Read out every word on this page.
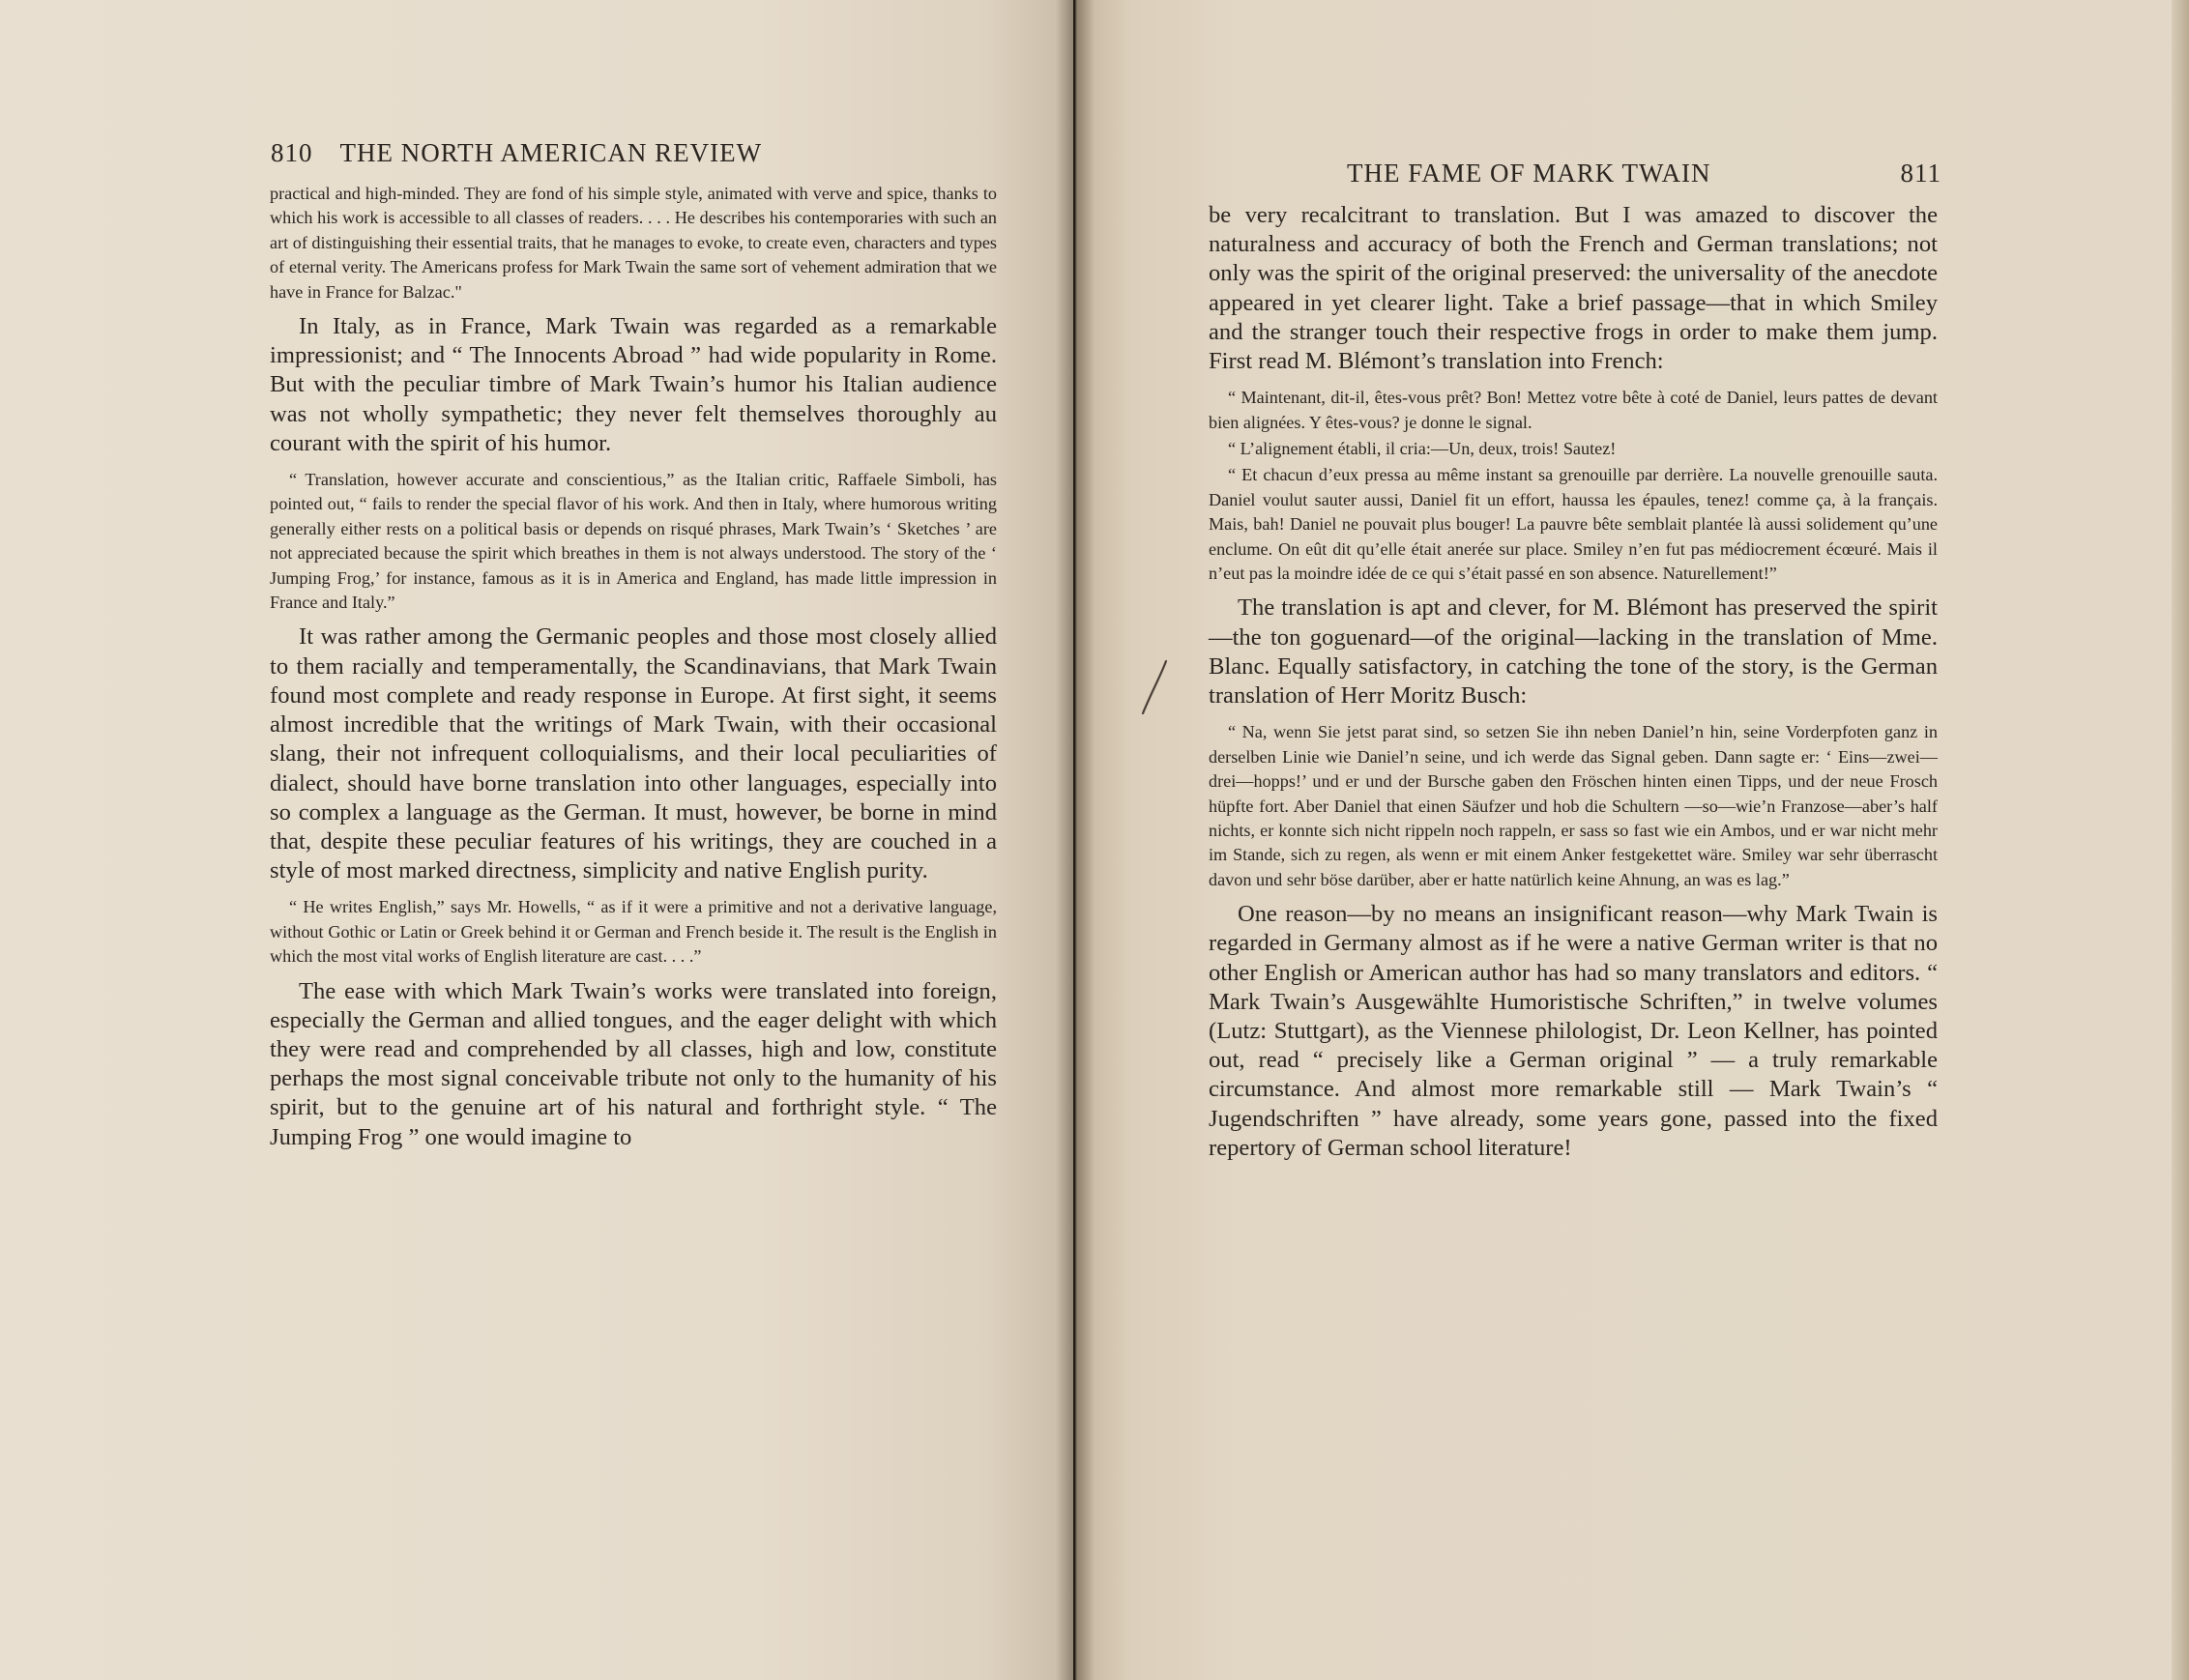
810 THE NORTH AMERICAN REVIEW

practical and high-minded. They are fond of his simple style, animated with verve and spice, thanks to which his work is accessible to all classes of readers. . . . He describes his contemporaries with such an art of distinguishing their essential traits, that he manages to evoke, to create even, characters and types of eternal verity. The Americans profess for Mark Twain the same sort of vehement admiration that we have in France for Balzac."

In Italy, as in France, Mark Twain was regarded as a remarkable impressionist; and “ The Innocents Abroad ” had wide popularity in Rome. But with the peculiar timbre of Mark Twain’s humor his Italian audience was not wholly sympathetic; they never felt themselves thoroughly au courant with the spirit of his humor.

“ Translation, however accurate and conscientious,” as the Italian critic, Raffaele Simboli, has pointed out, “ fails to render the special flavor of his work. And then in Italy, where humorous writing generally either rests on a political basis or depends on risqué phrases, Mark Twain’s ‘ Sketches ’ are not appreciated because the spirit which breathes in them is not always understood. The story of the ‘ Jumping Frog,’ for instance, famous as it is in America and England, has made little impression in France and Italy.”

It was rather among the Germanic peoples and those most closely allied to them racially and temperamentally, the Scandinavians, that Mark Twain found most complete and ready response in Europe. At first sight, it seems almost incredible that the writings of Mark Twain, with their occasional slang, their not infrequent colloquialisms, and their local peculiarities of dialect, should have borne translation into other languages, especially into so complex a language as the German. It must, however, be borne in mind that, despite these peculiar features of his writings, they are couched in a style of most marked directness, simplicity and native English purity.

“ He writes English,” says Mr. Howells, “ as if it were a primitive and not a derivative language, without Gothic or Latin or Greek behind it or German and French beside it. The result is the English in which the most vital works of English literature are cast. . . .”

The ease with which Mark Twain’s works were translated into foreign, especially the German and allied tongues, and the eager delight with which they were read and comprehended by all classes, high and low, constitute perhaps the most signal conceivable tribute not only to the humanity of his spirit, but to the genuine art of his natural and forthright style. “ The Jumping Frog ” one would imagine to

THE FAME OF MARK TWAIN	811

be very recalcitrant to translation. But I was amazed to discover the naturalness and accuracy of both the French and German translations; not only was the spirit of the original preserved: the universality of the anecdote appeared in yet clearer light. Take a brief passage—that in which Smiley and the stranger touch their respective frogs in order to make them jump. First read M. Blémont’s translation into French:

“ Maintenant, dit-il, êtes-vous prêt? Bon! Mettez votre bête à coté de Daniel, leurs pattes de devant bien alignées. Y êtes-vous? je donne le signal.

“ L’alignement établi, il cria:—Un, deux, trois! Sautez!

“ Et chacun d’eux pressa au même instant sa grenouille par derrière. La nouvelle grenouille sauta. Daniel voulut sauter aussi, Daniel fit un effort, haussa les épaules, tenez! comme ça, à la français. Mais, bah! Daniel ne pouvait plus bouger! La pauvre bête semblait plantée là aussi solidement qu’une enclume. On eût dit qu’elle était anerée sur place. Smiley n’en fut pas médiocrement écœuré. Mais il n’eut pas la moindre idée de ce qui s’était passé en son absence. Naturellement!”

The translation is apt and clever, for M. Blémont has preserved the spirit—the ton goguenard—of the original—lacking in the translation of Mme. Blanc. Equally satisfactory, in catching the tone of the story, is the German translation of Herr Moritz Busch:

“ Na, wenn Sie jetst parat sind, so setzen Sie ihn neben Daniel’n hin, seine Vorderpfoten ganz in derselben Linie wie Daniel’n seine, und ich werde das Signal geben. Dann sagte er: ‘ Eins—zwei—drei—hopps!’ und er und der Bursche gaben den Fröschen hinten einen Tipps, und der neue Frosch hüpfte fort. Aber Daniel that einen Säufzer und hob die Schultern —so—wie’n Franzose—aber’s half nichts, er konnte sich nicht rippeln noch rappeln, er sass so fast wie ein Ambos, und er war nicht mehr im Stande, sich zu regen, als wenn er mit einem Anker festgekettet wäre. Smiley war sehr überrascht davon und sehr böse darüber, aber er hatte natürlich keine Ahnung, an was es lag.”

One reason—by no means an insignificant reason—why Mark Twain is regarded in Germany almost as if he were a native German writer is that no other English or American author has had so many translators and editors. “ Mark Twain’s Ausgewählte Humoristische Schriften,” in twelve volumes (Lutz: Stuttgart), as the Viennese philologist, Dr. Leon Kellner, has pointed out, read “ precisely like a German original ” — a truly remarkable circumstance. And almost more remarkable still — Mark Twain’s “ Jugendschriften ” have already, some years gone, passed into the fixed repertory of German school literature!
